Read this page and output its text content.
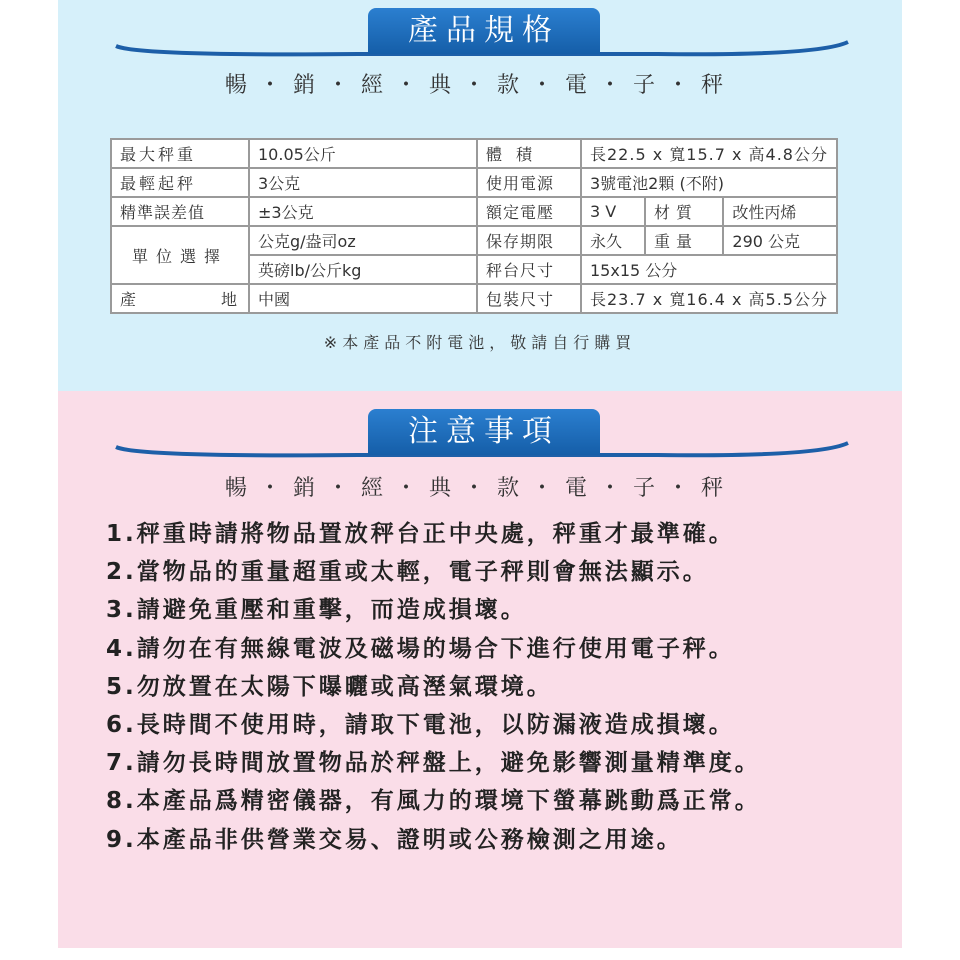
產品規格
暢・銷・經・典・款・電・子・秤
最大秤重	10.05公斤	體積	長22.5 x 寬15.7 x 高4.8公分		
最輕起秤	3公克	使用電源	3號電池2顆 (不附)		
精準誤差值	±3公克	額定電壓	3 V	材質	改性丙烯
單位選擇	公克g/盎司oz	保存期限	永久	重量	290 公克
	英磅lb/公斤kg	秤台尺寸	15x15 公分		
產地	中國	包裝尺寸	長23.7 x 寬16.4 x 高5.5公分		
※本產品不附電池，敬請自行購買
注意事項
暢・銷・經・典・款・電・子・秤
1.秤重時請將物品置放秤台正中央處，秤重才最準確。
2.當物品的重量超重或太輕，電子秤則會無法顯示。
3.請避免重壓和重擊，而造成損壞。
4.請勿在有無線電波及磁場的場合下進行使用電子秤。
5.勿放置在太陽下曝曬或高溼氣環境。
6.長時間不使用時，請取下電池，以防漏液造成損壞。
7.請勿長時間放置物品於秤盤上，避免影響測量精準度。
8.本產品爲精密儀器，有風力的環境下螢幕跳動爲正常。
9.本產品非供營業交易、證明或公務檢測之用途。
